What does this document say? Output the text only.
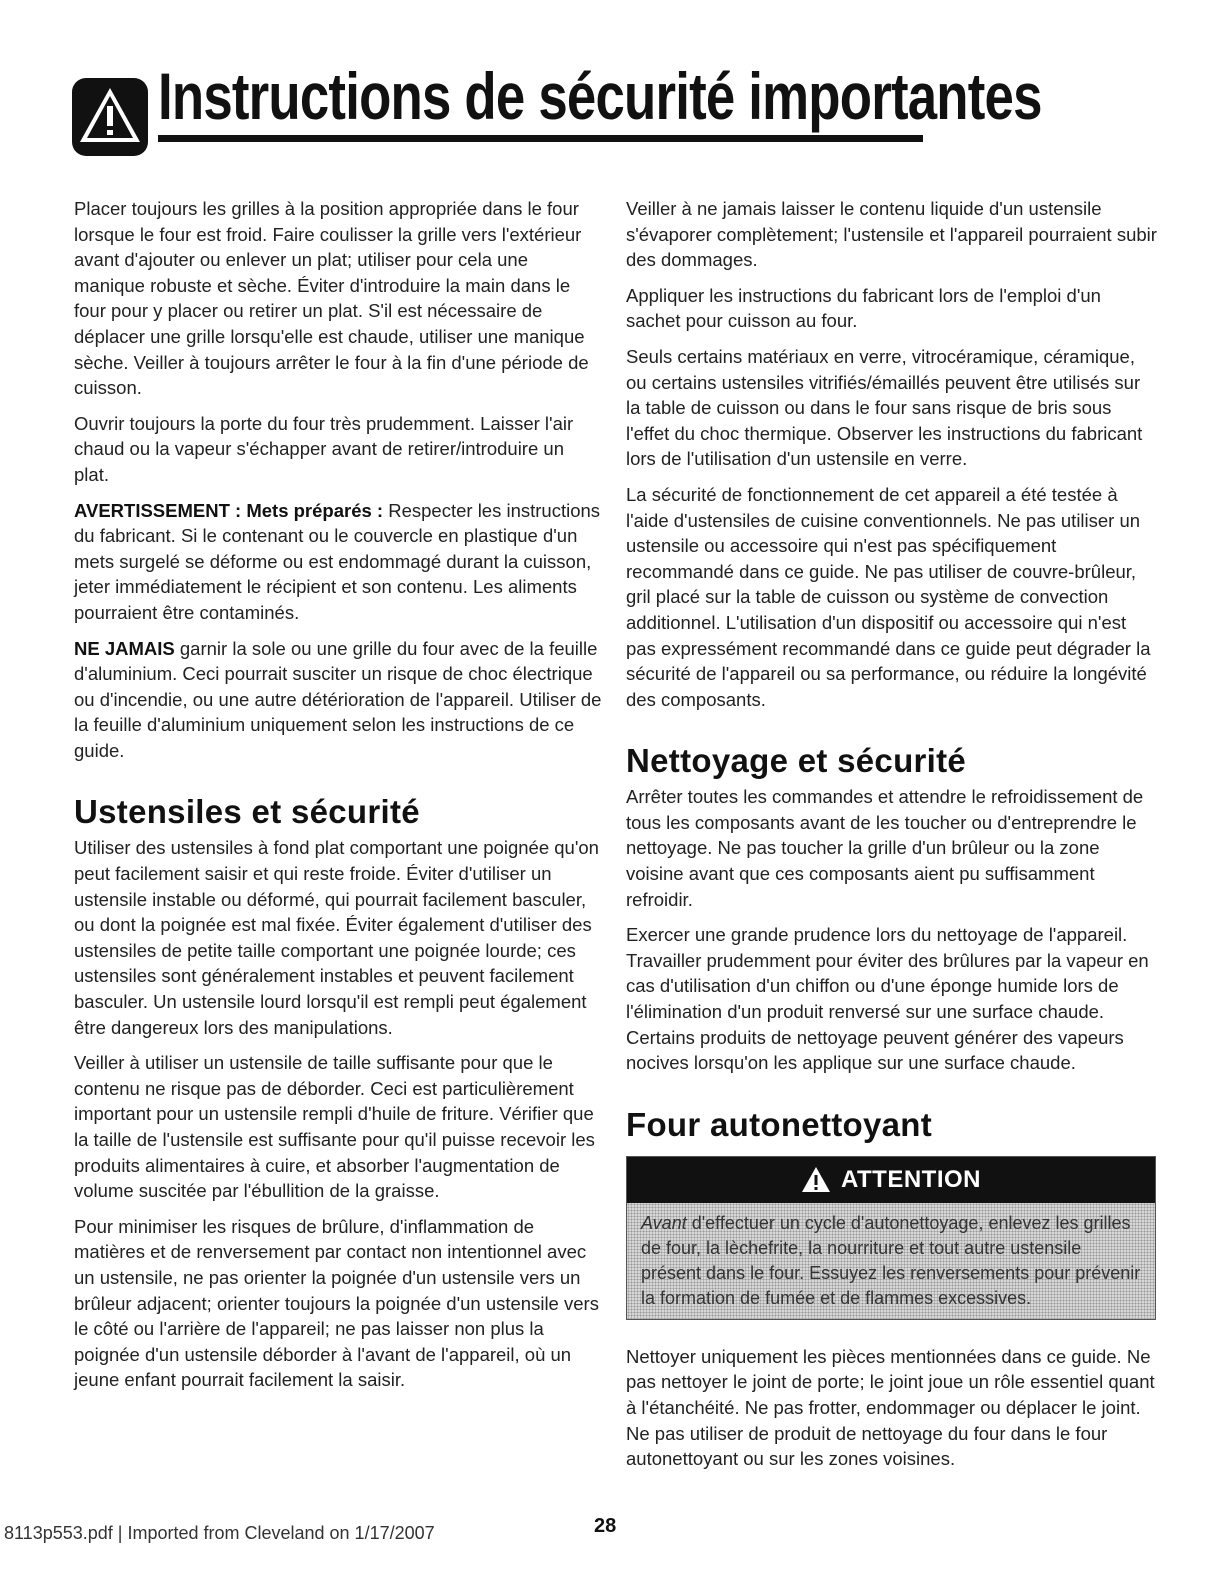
Instructions de sécurité importantes

Placer toujours les grilles à la position appropriée dans le four lorsque le four est froid. Faire coulisser la grille vers l'extérieur avant d'ajouter ou enlever un plat; utiliser pour cela une manique robuste et sèche. Éviter d'introduire la main dans le four pour y placer ou retirer un plat. S'il est nécessaire de déplacer une grille lorsqu'elle est chaude, utiliser une manique sèche. Veiller à toujours arrêter le four à la fin d'une période de cuisson.

Ouvrir toujours la porte du four très prudemment. Laisser l'air chaud ou la vapeur s'échapper avant de retirer/introduire un plat.

AVERTISSEMENT : Mets préparés : Respecter les instructions du fabricant. Si le contenant ou le couvercle en plastique d'un mets surgelé se déforme ou est endommagé durant la cuisson, jeter immédiatement le récipient et son contenu. Les aliments pourraient être contaminés.

NE JAMAIS garnir la sole ou une grille du four avec de la feuille d'aluminium. Ceci pourrait susciter un risque de choc électrique ou d'incendie, ou une autre détérioration de l'appareil. Utiliser de la feuille d'aluminium uniquement selon les instructions de ce guide.

Ustensiles et sécurité

Utiliser des ustensiles à fond plat comportant une poignée qu'on peut facilement saisir et qui reste froide. Éviter d'utiliser un ustensile instable ou déformé, qui pourrait facilement basculer, ou dont la poignée est mal fixée. Éviter également d'utiliser des ustensiles de petite taille comportant une poignée lourde; ces ustensiles sont généralement instables et peuvent facilement basculer. Un ustensile lourd lorsqu'il est rempli peut également être dangereux lors des manipulations.

Veiller à utiliser un ustensile de taille suffisante pour que le contenu ne risque pas de déborder. Ceci est particulièrement important pour un ustensile rempli d'huile de friture. Vérifier que la taille de l'ustensile est suffisante pour qu'il puisse recevoir les produits alimentaires à cuire, et absorber l'augmentation de volume suscitée par l'ébullition de la graisse.

Pour minimiser les risques de brûlure, d'inflammation de matières et de renversement par contact non intentionnel avec un ustensile, ne pas orienter la poignée d'un ustensile vers un brûleur adjacent; orienter toujours la poignée d'un ustensile vers le côté ou l'arrière de l'appareil; ne pas laisser non plus la poignée d'un ustensile déborder à l'avant de l'appareil, où un jeune enfant pourrait facilement la saisir.

Veiller à ne jamais laisser le contenu liquide d'un ustensile s'évaporer complètement; l'ustensile et l'appareil pourraient subir des dommages.

Appliquer les instructions du fabricant lors de l'emploi d'un sachet pour cuisson au four.

Seuls certains matériaux en verre, vitrocéramique, céramique, ou certains ustensiles vitrifiés/émaillés peuvent être utilisés sur la table de cuisson ou dans le four sans risque de bris sous l'effet du choc thermique. Observer les instructions du fabricant lors de l'utilisation d'un ustensile en verre.

La sécurité de fonctionnement de cet appareil a été testée à l'aide d'ustensiles de cuisine conventionnels. Ne pas utiliser un ustensile ou accessoire qui n'est pas spécifiquement recommandé dans ce guide. Ne pas utiliser de couvre-brûleur, gril placé sur la table de cuisson ou système de convection additionnel. L'utilisation d'un dispositif ou accessoire qui n'est pas expressément recommandé dans ce guide peut dégrader la sécurité de l'appareil ou sa performance, ou réduire la longévité des composants.

Nettoyage et sécurité

Arrêter toutes les commandes et attendre le refroidissement de tous les composants avant de les toucher ou d'entreprendre le nettoyage. Ne pas toucher la grille d'un brûleur ou la zone voisine avant que ces composants aient pu suffisamment refroidir.

Exercer une grande prudence lors du nettoyage de l'appareil. Travailler prudemment pour éviter des brûlures par la vapeur en cas d'utilisation d'un chiffon ou d'une éponge humide lors de l'élimination d'un produit renversé sur une surface chaude. Certains produits de nettoyage peuvent générer des vapeurs nocives lorsqu'on les applique sur une surface chaude.

Four autonettoyant
ATTENTION
Avant d'effectuer un cycle d'autonettoyage, enlevez les grilles de four, la lèchefrite, la nourriture et tout autre ustensile présent dans le four. Essuyez les renversements pour prévenir la formation de fumée et de flammes excessives.

Nettoyer uniquement les pièces mentionnées dans ce guide. Ne pas nettoyer le joint de porte; le joint joue un rôle essentiel quant à l'étanchéité. Ne pas frotter, endommager ou déplacer le joint. Ne pas utiliser de produit de nettoyage du four dans le four autonettoyant ou sur les zones voisines.

8113p553.pdf | Imported from Cleveland on 1/17/2007	28
